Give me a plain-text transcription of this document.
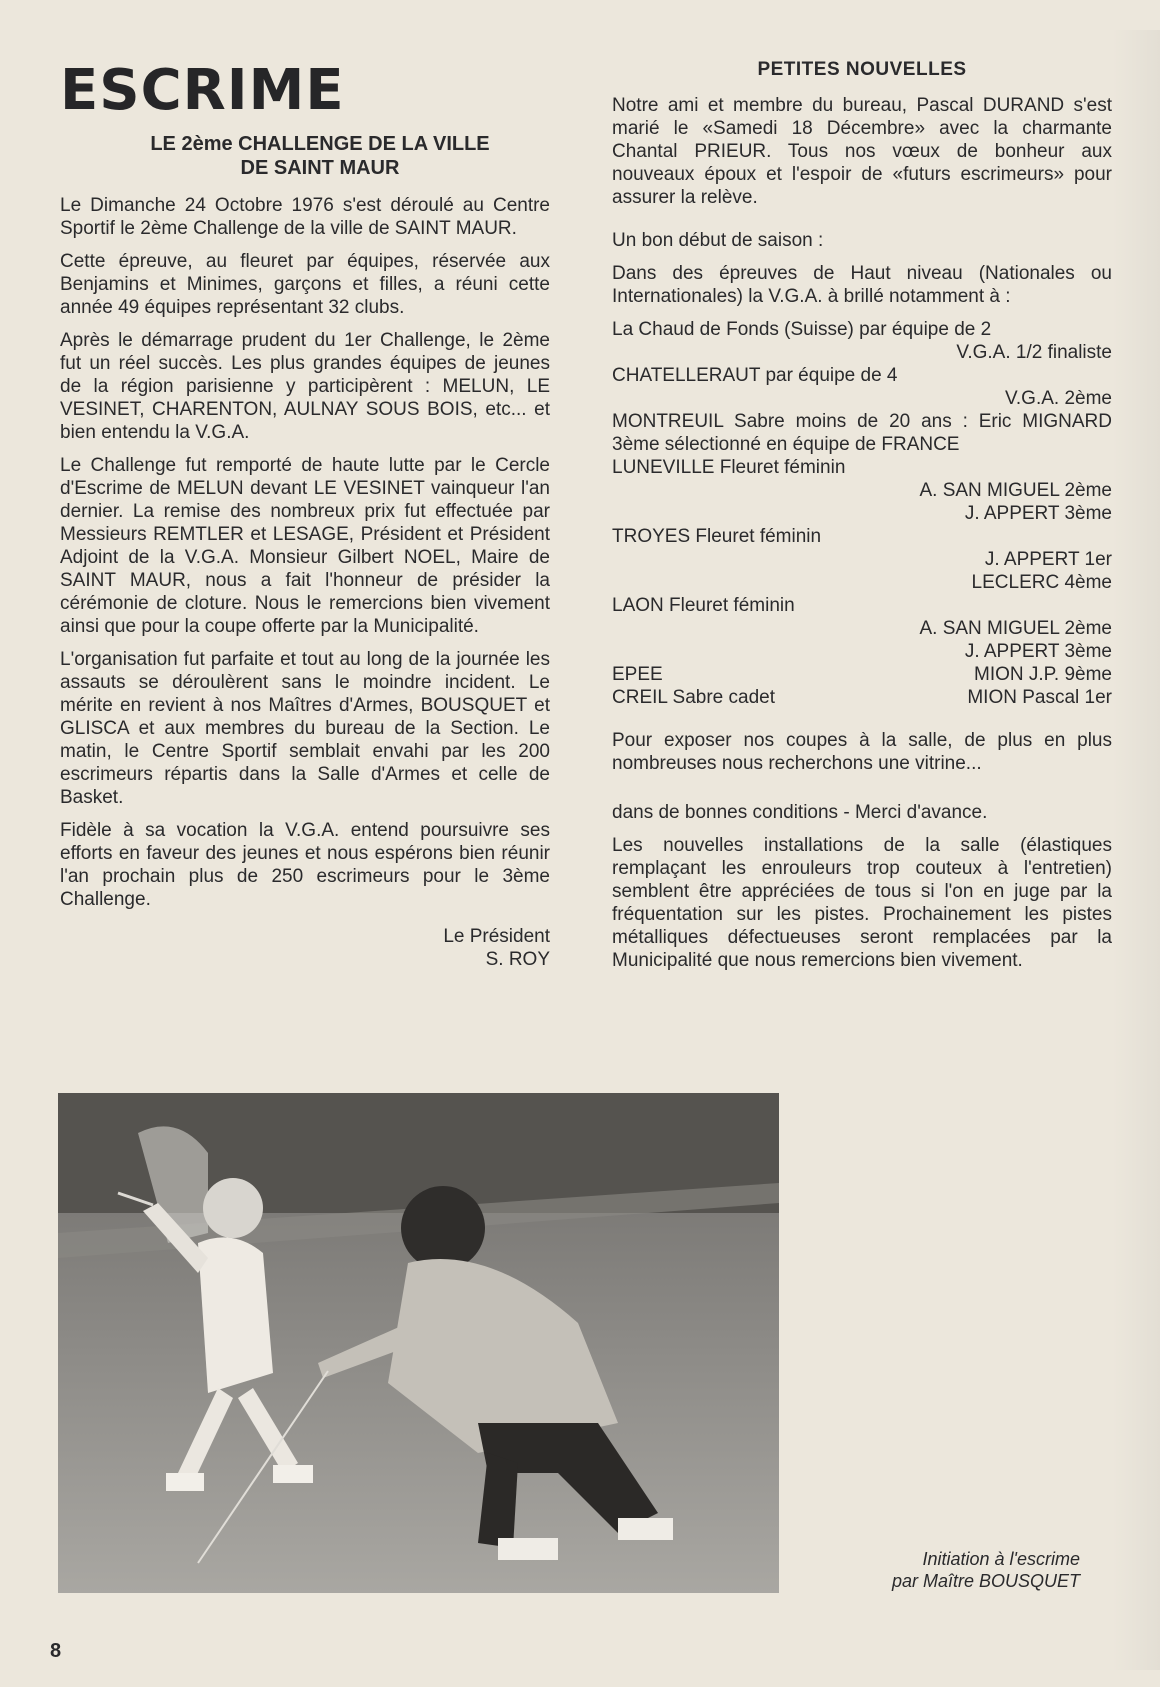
ESCRIME
LE 2ème CHALLENGE DE LA VILLE
DE SAINT MAUR

Le Dimanche 24 Octobre 1976 s'est déroulé au Centre Sportif le 2ème Challenge de la ville de SAINT MAUR.

Cette épreuve, au fleuret par équipes, réservée aux Benjamins et Minimes, garçons et filles, a réuni cette année 49 équipes représentant 32 clubs.

Après le démarrage prudent du 1er Challenge, le 2ème fut un réel succès. Les plus grandes équipes de jeunes de la région parisienne y participèrent : MELUN, LE VESINET, CHARENTON, AULNAY SOUS BOIS, etc... et bien entendu la V.G.A.

Le Challenge fut remporté de haute lutte par le Cercle d'Escrime de MELUN devant LE VESINET vainqueur l'an dernier. La remise des nombreux prix fut effectuée par Messieurs REMTLER et LESAGE, Président et Président Adjoint de la V.G.A. Monsieur Gilbert NOEL, Maire de SAINT MAUR, nous a fait l'honneur de présider la cérémonie de cloture. Nous le remercions bien vivement ainsi que pour la coupe offerte par la Municipalité.

L'organisation fut parfaite et tout au long de la journée les assauts se déroulèrent sans le moindre incident. Le mérite en revient à nos Maîtres d'Armes, BOUSQUET et GLISCA et aux membres du bureau de la Section. Le matin, le Centre Sportif semblait envahi par les 200 escrimeurs répartis dans la Salle d'Armes et celle de Basket.

Fidèle à sa vocation la V.G.A. entend poursuivre ses efforts en faveur des jeunes et nous espérons bien réunir l'an prochain plus de 250 escrimeurs pour le 3ème Challenge.

Le Président
S. ROY
PETITES NOUVELLES

Notre ami et membre du bureau, Pascal DURAND s'est marié le «Samedi 18 Décembre» avec la charmante Chantal PRIEUR. Tous nos vœux de bonheur aux nouveaux époux et l'espoir de «futurs escrimeurs» pour assurer la relève.

Un bon début de saison :

Dans des épreuves de Haut niveau (Nationales ou Internationales) la V.G.A. à brillé notamment à :

La Chaud de Fonds (Suisse) par équipe de 2
V.G.A. 1/2 finaliste
CHATELLERAUT par équipe de 4
V.G.A. 2ème
MONTREUIL Sabre moins de 20 ans : Eric MIGNARD 3ème sélectionné en équipe de FRANCE
LUNEVILLE Fleuret féminin
A. SAN MIGUEL 2ème
J. APPERT 3ème
TROYES Fleuret féminin
J. APPERT 1er
LECLERC 4ème
LAON Fleuret féminin
A. SAN MIGUEL 2ème
J. APPERT 3ème
EPEE	MION J.P. 9ème
CREIL Sabre cadet	MION Pascal 1er

Pour exposer nos coupes à la salle, de plus en plus nombreuses nous recherchons une vitrine...

dans de bonnes conditions - Merci d'avance.

Les nouvelles installations de la salle (élastiques remplaçant les enrouleurs trop couteux à l'entretien) semblent être appréciées de tous si l'on en juge par la fréquentation sur les pistes. Prochainement les pistes métalliques défectueuses seront remplacées par la Municipalité que nous remercions bien vivement.

Initiation à l'escrime
par Maître BOUSQUET
8
